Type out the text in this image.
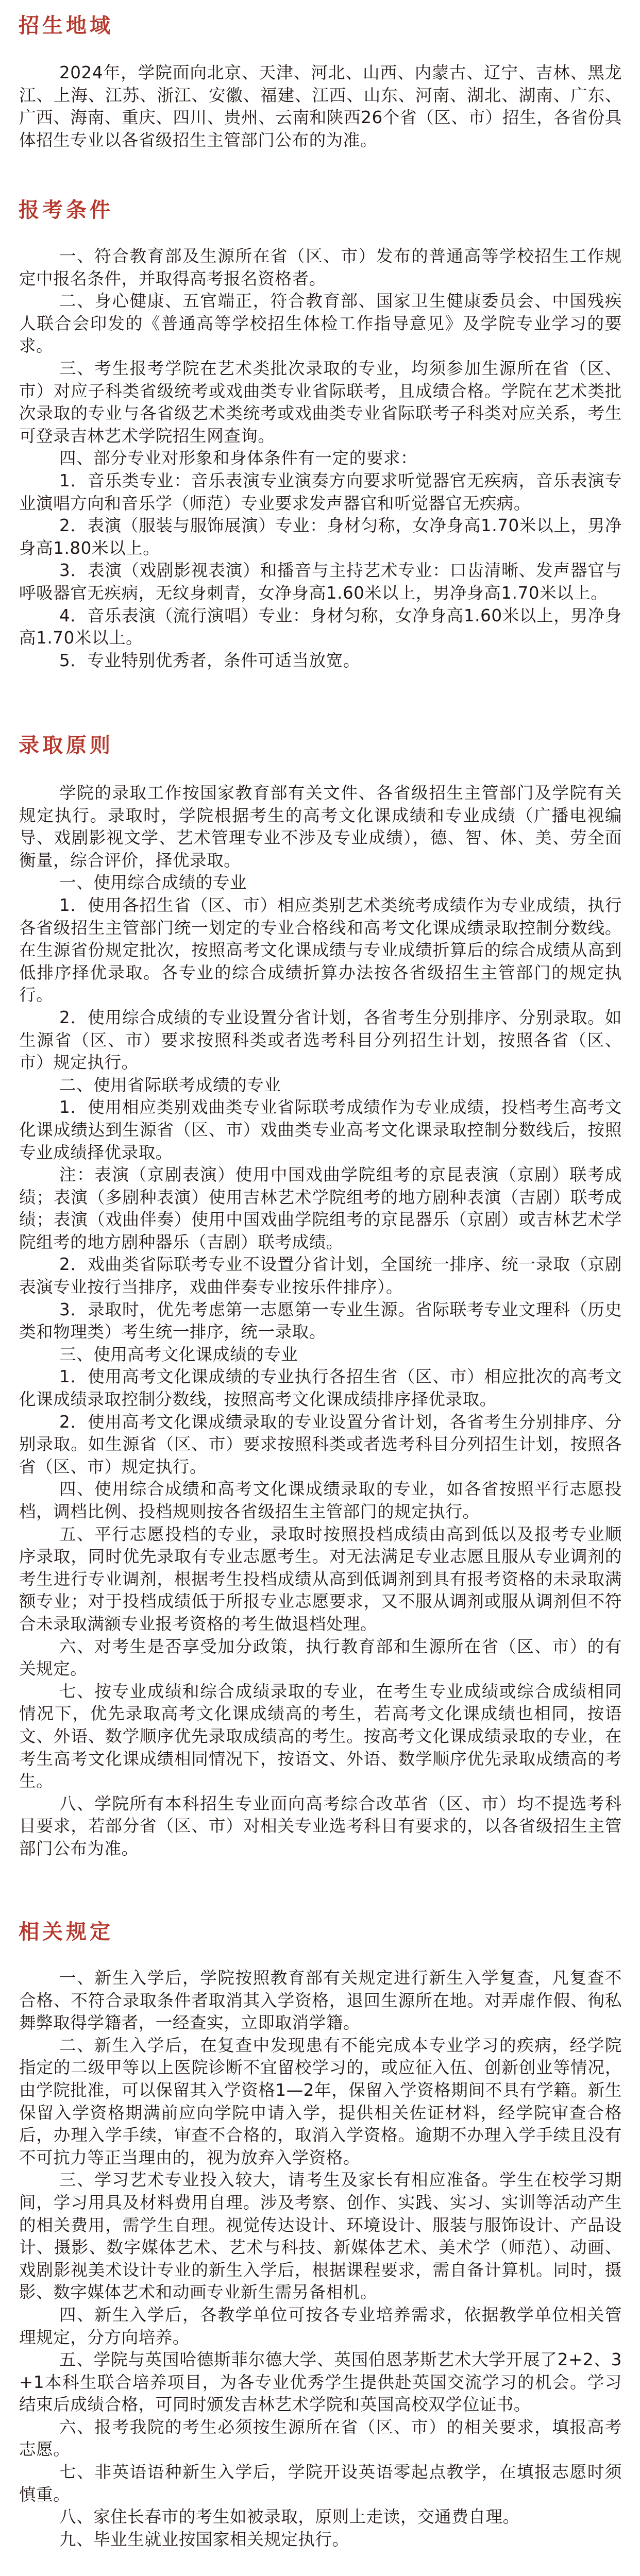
招生地域

2024年，学院面向北京、天津、河北、山西、内蒙古、辽宁、吉林、黑龙江、上海、江苏、浙江、安徽、福建、江西、山东、河南、湖北、湖南、广东、广西、海南、重庆、四川、贵州、云南和陕西26个省（区、市）招生，各省份具体招生专业以各省级招生主管部门公布的为准。

报考条件

一、符合教育部及生源所在省（区、市）发布的普通高等学校招生工作规定中报名条件，并取得高考报名资格者。

二、身心健康、五官端正，符合教育部、国家卫生健康委员会、中国残疾人联合会印发的《普通高等学校招生体检工作指导意见》及学院专业学习的要求。

三、考生报考学院在艺术类批次录取的专业，均须参加生源所在省（区、市）对应子科类省级统考或戏曲类专业省际联考，且成绩合格。学院在艺术类批次录取的专业与各省级艺术类统考或戏曲类专业省际联考子科类对应关系，考生可登录吉林艺术学院招生网查询。

四、部分专业对形象和身体条件有一定的要求：

1．音乐类专业：音乐表演专业演奏方向要求听觉器官无疾病，音乐表演专业演唱方向和音乐学（师范）专业要求发声器官和听觉器官无疾病。

2．表演（服装与服饰展演）专业：身材匀称，女净身高1.70米以上，男净身高1.80米以上。

3．表演（戏剧影视表演）和播音与主持艺术专业：口齿清晰、发声器官与呼吸器官无疾病，无纹身刺青，女净身高1.60米以上，男净身高1.70米以上。

4．音乐表演（流行演唱）专业：身材匀称，女净身高1.60米以上，男净身高1.70米以上。

5．专业特别优秀者，条件可适当放宽。

录取原则

学院的录取工作按国家教育部有关文件、各省级招生主管部门及学院有关规定执行。录取时，学院根据考生的高考文化课成绩和专业成绩（广播电视编导、戏剧影视文学、艺术管理专业不涉及专业成绩），德、智、体、美、劳全面衡量，综合评价，择优录取。

一、使用综合成绩的专业

1．使用各招生省（区、市）相应类别艺术类统考成绩作为专业成绩，执行各省级招生主管部门统一划定的专业合格线和高考文化课成绩录取控制分数线。在生源省份规定批次，按照高考文化课成绩与专业成绩折算后的综合成绩从高到低排序择优录取。各专业的综合成绩折算办法按各省级招生主管部门的规定执行。

2．使用综合成绩的专业设置分省计划，各省考生分别排序、分别录取。如生源省（区、市）要求按照科类或者选考科目分列招生计划，按照各省（区、市）规定执行。

二、使用省际联考成绩的专业

1．使用相应类别戏曲类专业省际联考成绩作为专业成绩，投档考生高考文化课成绩达到生源省（区、市）戏曲类专业高考文化课录取控制分数线后，按照专业成绩择优录取。

注：表演（京剧表演）使用中国戏曲学院组考的京昆表演（京剧）联考成绩；表演（多剧种表演）使用吉林艺术学院组考的地方剧种表演（吉剧）联考成绩；表演（戏曲伴奏）使用中国戏曲学院组考的京昆器乐（京剧）或吉林艺术学院组考的地方剧种器乐（吉剧）联考成绩。

2．戏曲类省际联考专业不设置分省计划，全国统一排序、统一录取（京剧表演专业按行当排序，戏曲伴奏专业按乐件排序）。

3．录取时，优先考虑第一志愿第一专业生源。省际联考专业文理科（历史类和物理类）考生统一排序，统一录取。

三、使用高考文化课成绩的专业

1．使用高考文化课成绩的专业执行各招生省（区、市）相应批次的高考文化课成绩录取控制分数线，按照高考文化课成绩排序择优录取。

2．使用高考文化课成绩录取的专业设置分省计划，各省考生分别排序、分别录取。如生源省（区、市）要求按照科类或者选考科目分列招生计划，按照各省（区、市）规定执行。

四、使用综合成绩和高考文化课成绩录取的专业，如各省按照平行志愿投档，调档比例、投档规则按各省级招生主管部门的规定执行。

五、平行志愿投档的专业，录取时按照投档成绩由高到低以及报考专业顺序录取，同时优先录取有专业志愿考生。对无法满足专业志愿且服从专业调剂的考生进行专业调剂，根据考生投档成绩从高到低调剂到具有报考资格的未录取满额专业；对于投档成绩低于所报专业志愿要求，又不服从调剂或服从调剂但不符合未录取满额专业报考资格的考生做退档处理。

六、对考生是否享受加分政策，执行教育部和生源所在省（区、市）的有关规定。

七、按专业成绩和综合成绩录取的专业，在考生专业成绩或综合成绩相同情况下，优先录取高考文化课成绩高的考生，若高考文化课成绩也相同，按语文、外语、数学顺序优先录取成绩高的考生。按高考文化课成绩录取的专业，在考生高考文化课成绩相同情况下，按语文、外语、数学顺序优先录取成绩高的考生。

八、学院所有本科招生专业面向高考综合改革省（区、市）均不提选考科目要求，若部分省（区、市）对相关专业选考科目有要求的，以各省级招生主管部门公布为准。

相关规定

一、新生入学后，学院按照教育部有关规定进行新生入学复查，凡复查不合格、不符合录取条件者取消其入学资格，退回生源所在地。对弄虚作假、徇私舞弊取得学籍者，一经查实，立即取消学籍。

二、新生入学后，在复查中发现患有不能完成本专业学习的疾病，经学院指定的二级甲等以上医院诊断不宜留校学习的，或应征入伍、创新创业等情况，由学院批准，可以保留其入学资格1—2年，保留入学资格期间不具有学籍。新生保留入学资格期满前应向学院申请入学，提供相关佐证材料，经学院审查合格后，办理入学手续，审查不合格的，取消入学资格。逾期不办理入学手续且没有不可抗力等正当理由的，视为放弃入学资格。

三、学习艺术专业投入较大，请考生及家长有相应准备。学生在校学习期间，学习用具及材料费用自理。涉及考察、创作、实践、实习、实训等活动产生的相关费用，需学生自理。视觉传达设计、环境设计、服装与服饰设计、产品设计、摄影、数字媒体艺术、艺术与科技、新媒体艺术、美术学（师范）、动画、戏剧影视美术设计专业的新生入学后，根据课程要求，需自备计算机。同时，摄影、数字媒体艺术和动画专业新生需另备相机。

四、新生入学后，各教学单位可按各专业培养需求，依据教学单位相关管理规定，分方向培养。

五、学院与英国哈德斯菲尔德大学、英国伯恩茅斯艺术大学开展了2+2、3+1本科生联合培养项目，为各专业优秀学生提供赴英国交流学习的机会。学习结束后成绩合格，可同时颁发吉林艺术学院和英国高校双学位证书。

六、报考我院的考生必须按生源所在省（区、市）的相关要求，填报高考志愿。

七、非英语语种新生入学后，学院开设英语零起点教学，在填报志愿时须慎重。

八、家住长春市的考生如被录取，原则上走读，交通费自理。

九、毕业生就业按国家相关规定执行。
